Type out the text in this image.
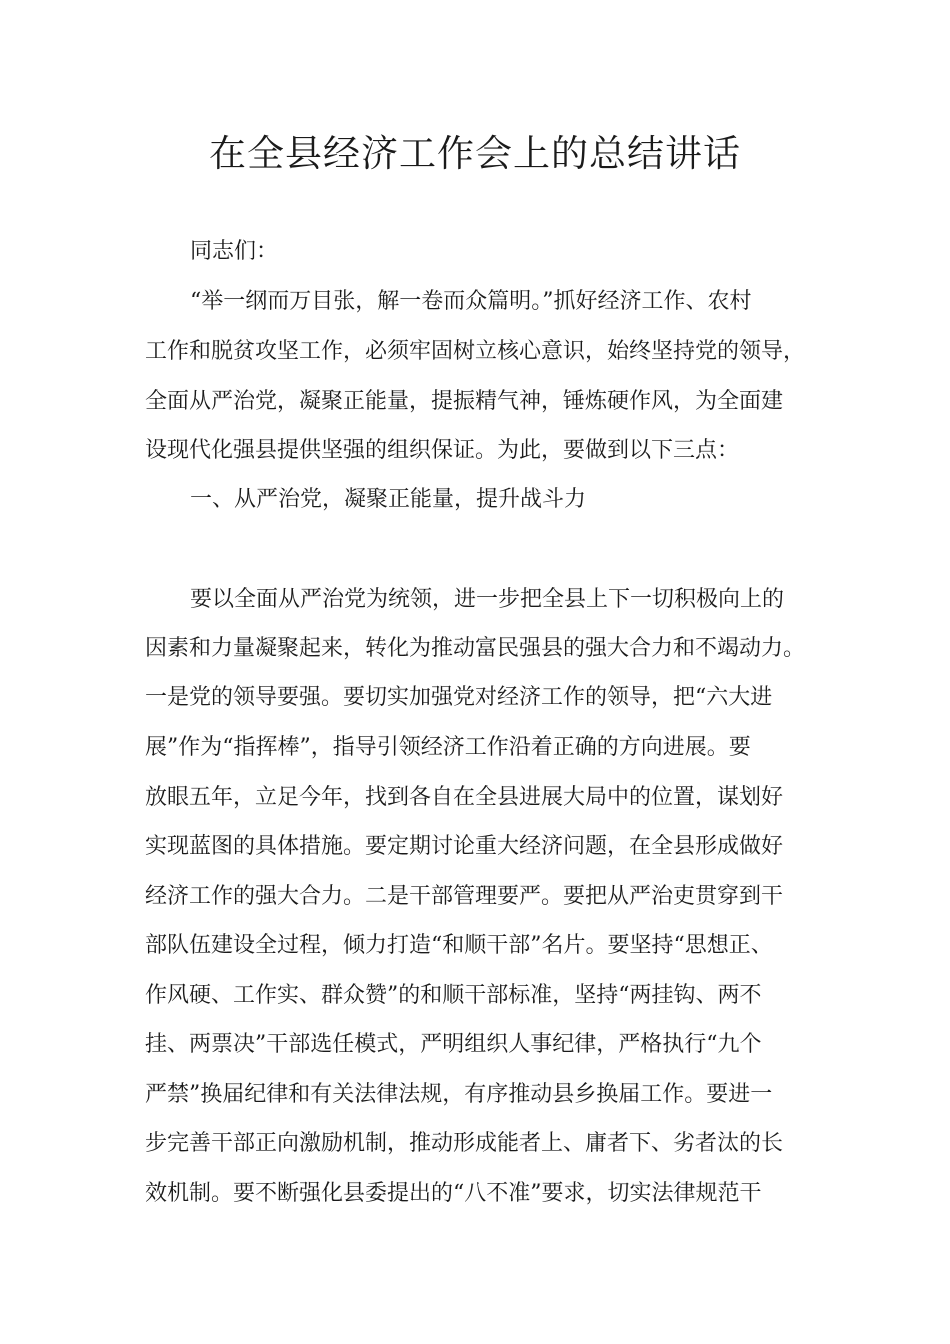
在全县经济工作会上的总结讲话

同志们：

“举一纲而万目张，解一卷而众篇明。”抓好经济工作、农村

工作和脱贫攻坚工作，必须牢固树立核心意识，始终坚持党的领导，

全面从严治党，凝聚正能量，提振精气神，锤炼硬作风，为全面建

设现代化强县提供坚强的组织保证。为此，要做到以下三点：

一、从严治党，凝聚正能量，提升战斗力

要以全面从严治党为统领，进一步把全县上下一切积极向上的

因素和力量凝聚起来，转化为推动富民强县的强大合力和不竭动力。

一是党的领导要强。要切实加强党对经济工作的领导，把“六大进

展”作为“指挥棒”，指导引领经济工作沿着正确的方向进展。要

放眼五年，立足今年，找到各自在全县进展大局中的位置，谋划好

实现蓝图的具体措施。要定期讨论重大经济问题，在全县形成做好

经济工作的强大合力。二是干部管理要严。要把从严治吏贯穿到干

部队伍建设全过程，倾力打造“和顺干部”名片。要坚持“思想正、

作风硬、工作实、群众赞”的和顺干部标准，坚持“两挂钩、两不

挂、两票决”干部选任模式，严明组织人事纪律，严格执行“九个

严禁”换届纪律和有关法律法规，有序推动县乡换届工作。要进一

步完善干部正向激励机制，推动形成能者上、庸者下、劣者汰的长

效机制。要不断强化县委提出的“八不准”要求，切实法律规范干
